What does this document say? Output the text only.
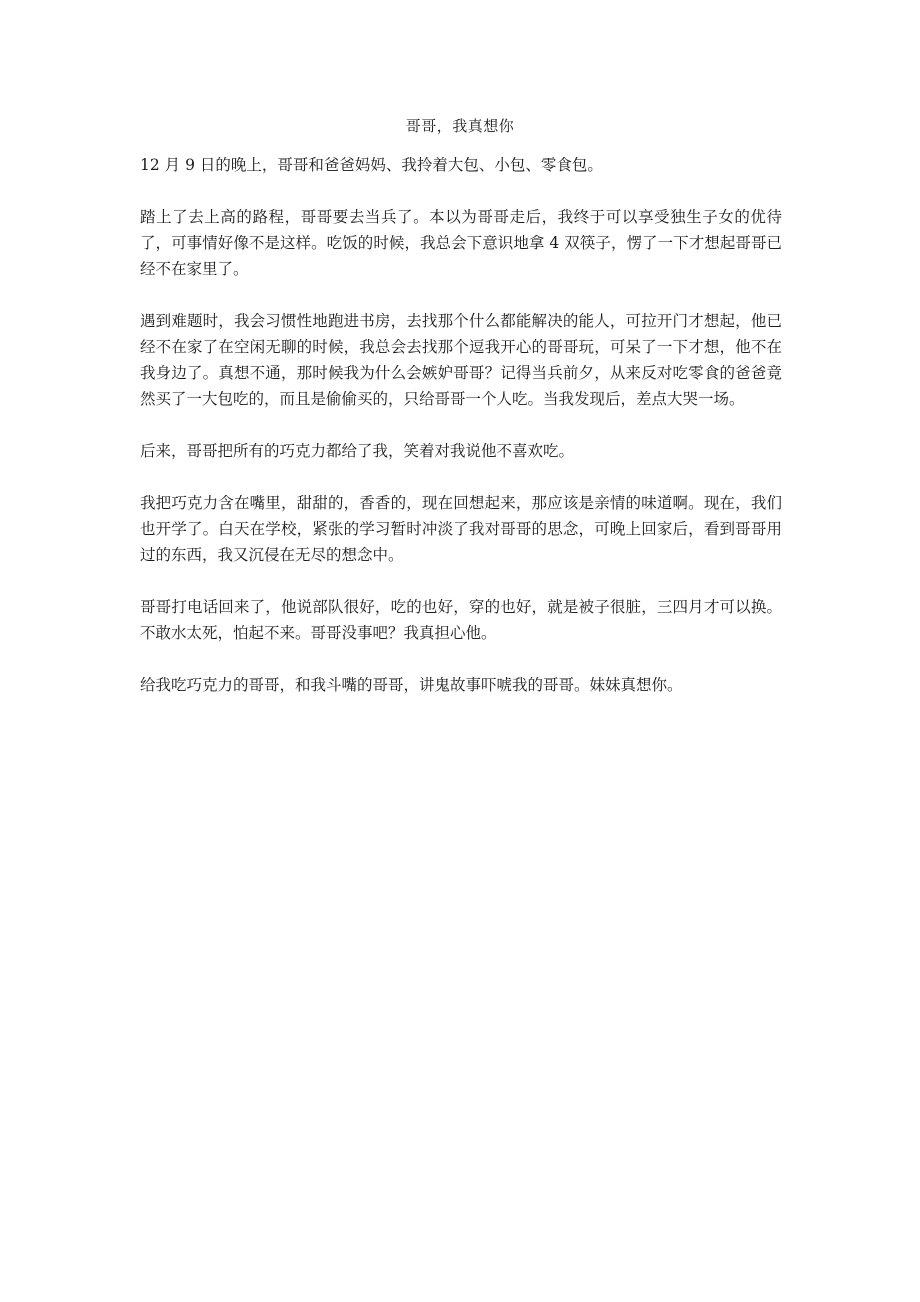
哥哥，我真想你

12 月 9 日的晚上，哥哥和爸爸妈妈、我拎着大包、小包、零食包。

踏上了去上高的路程，哥哥要去当兵了。本以为哥哥走后，我终于可以享受独生子女的优待了，可事情好像不是这样。吃饭的时候，我总会下意识地拿 4 双筷子，愣了一下才想起哥哥已经不在家里了。

遇到难题时，我会习惯性地跑进书房，去找那个什么都能解决的能人，可拉开门才想起，他已经不在家了在空闲无聊的时候，我总会去找那个逗我开心的哥哥玩，可呆了一下才想，他不在我身边了。真想不通，那时候我为什么会嫉妒哥哥？记得当兵前夕，从来反对吃零食的爸爸竟然买了一大包吃的，而且是偷偷买的，只给哥哥一个人吃。当我发现后，差点大哭一场。

后来，哥哥把所有的巧克力都给了我，笑着对我说他不喜欢吃。

我把巧克力含在嘴里，甜甜的，香香的，现在回想起来，那应该是亲情的味道啊。现在，我们也开学了。白天在学校，紧张的学习暂时冲淡了我对哥哥的思念，可晚上回家后，看到哥哥用过的东西，我又沉侵在无尽的想念中。

哥哥打电话回来了，他说部队很好，吃的也好，穿的也好，就是被子很脏，三四月才可以换。不敢水太死，怕起不来。哥哥没事吧？我真担心他。

给我吃巧克力的哥哥，和我斗嘴的哥哥，讲鬼故事吓唬我的哥哥。妹妹真想你。
